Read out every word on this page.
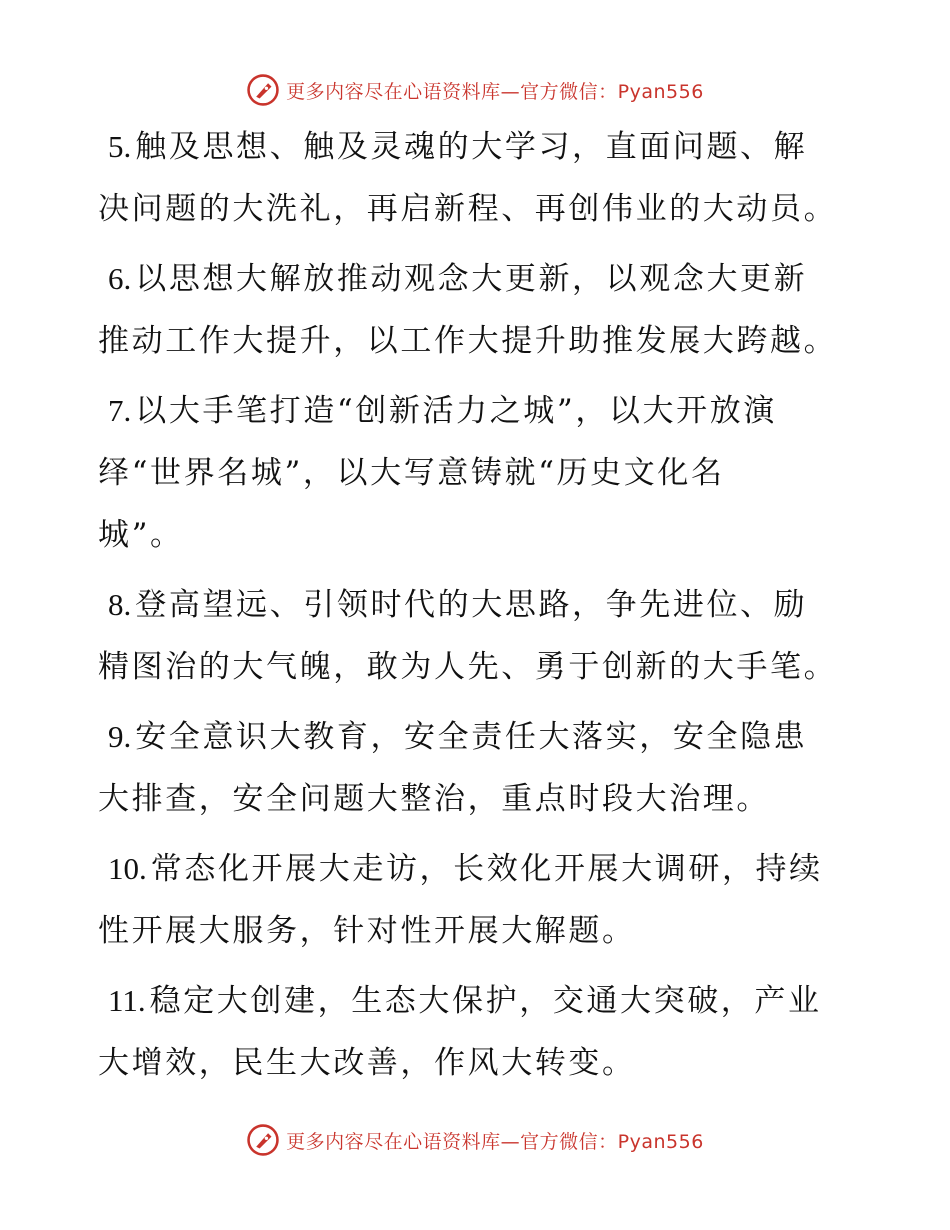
更多内容尽在心语资料库—官方微信：Pyan556

5. 触及思想、触及灵魂的大学习，直面问题、解
决问题的大洗礼，再启新程、再创伟业的大动员。

6. 以思想大解放推动观念大更新，以观念大更新
推动工作大提升，以工作大提升助推发展大跨越。

7. 以大手笔打造“创新活力之城”，以大开放演
绎“世界名城”，以大写意铸就“历史文化名
城”。

8. 登高望远、引领时代的大思路，争先进位、励
精图治的大气魄，敢为人先、勇于创新的大手笔。

9. 安全意识大教育，安全责任大落实，安全隐患
大排查，安全问题大整治，重点时段大治理。

10. 常态化开展大走访，长效化开展大调研，持续
性开展大服务，针对性开展大解题。

11. 稳定大创建，生态大保护，交通大突破，产业
大增效，民生大改善，作风大转变。

更多内容尽在心语资料库—官方微信：Pyan556
